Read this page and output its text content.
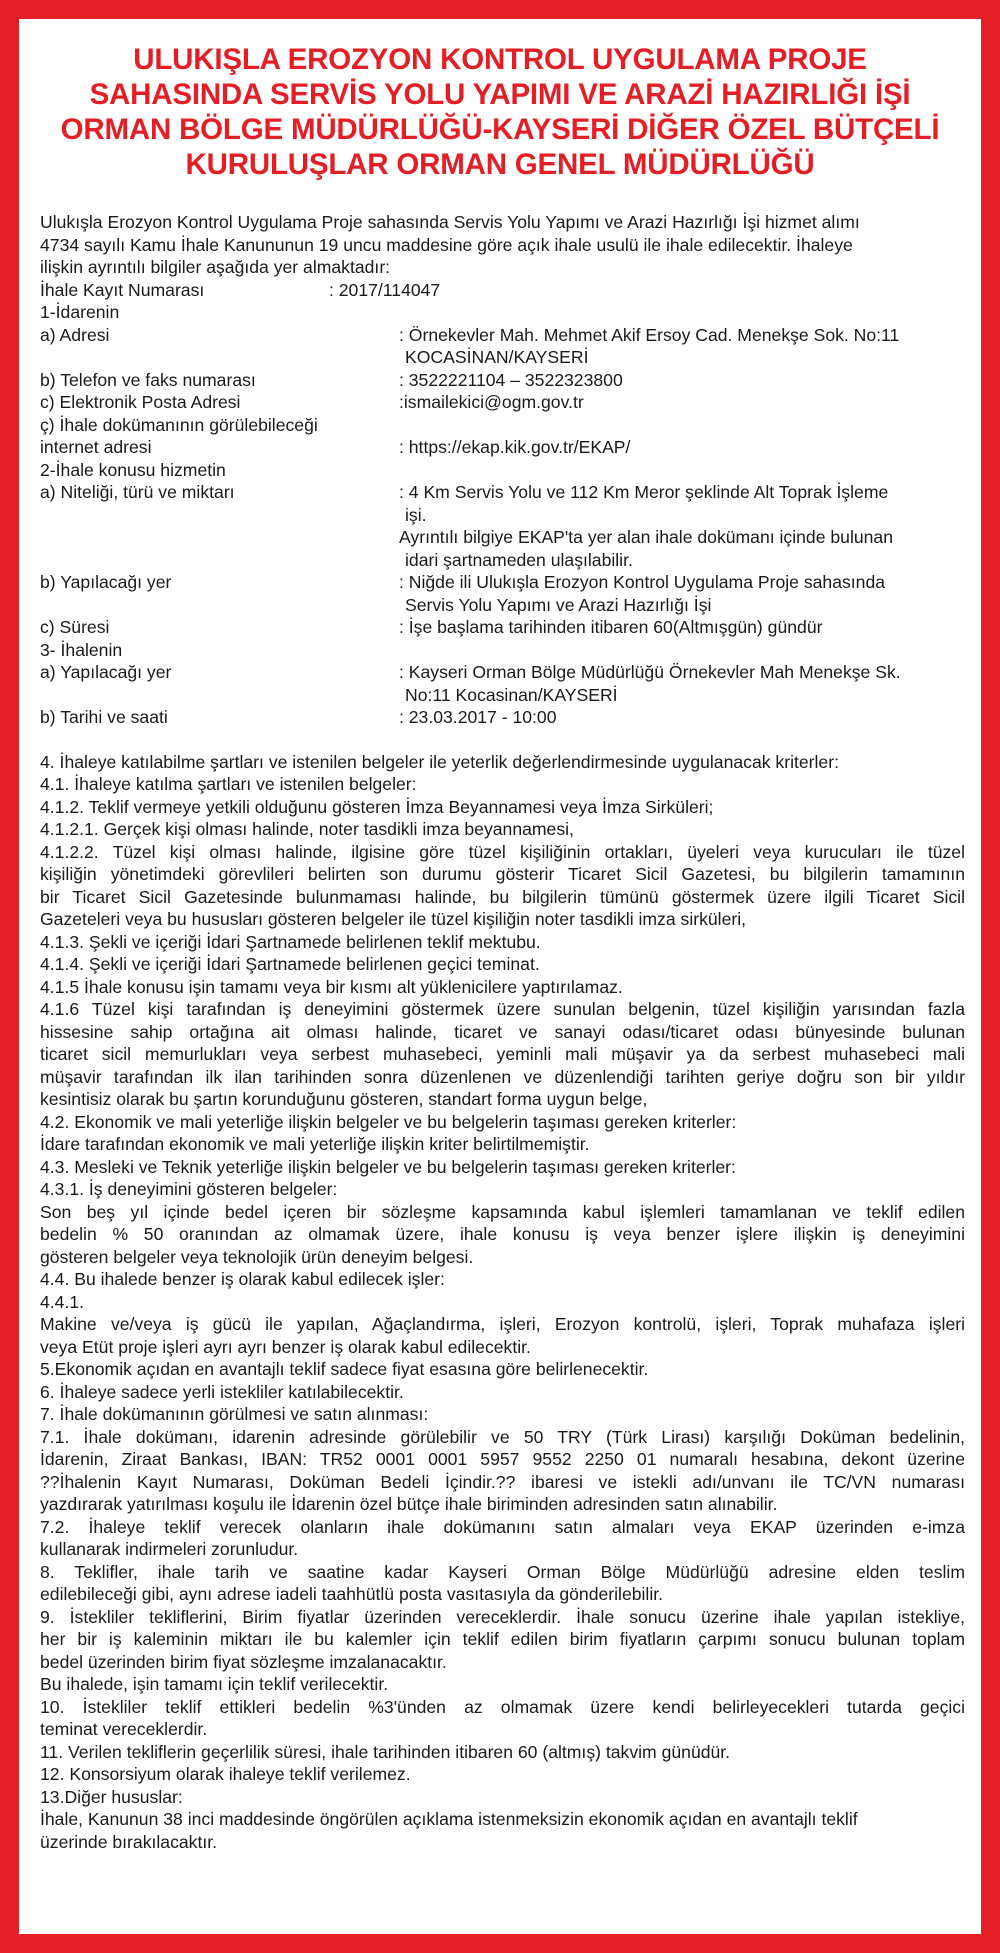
ULUKIŞLA EROZYON KONTROL UYGULAMA PROJE
SAHASINDA SERVİS YOLU YAPIMI VE ARAZİ HAZIRLIĞI İŞİ
ORMAN BÖLGE MÜDÜRLÜĞÜ-KAYSERİ DİĞER ÖZEL BÜTÇELİ
KURULUŞLAR ORMAN GENEL MÜDÜRLÜĞÜ
Ulukışla Erozyon Kontrol Uygulama Proje sahasında Servis Yolu Yapımı ve Arazi Hazırlığı İşi hizmet alımı
4734 sayılı Kamu İhale Kanununun 19 uncu maddesine göre açık ihale usulü ile ihale edilecektir. İhaleye
ilişkin ayrıntılı bilgiler aşağıda yer almaktadır:
İhale Kayıt Numarası	: 2017/114047
1-İdarenin
a) Adresi	: Örnekevler Mah. Mehmet Akif Ersoy Cad. Menekşe Sok. No:11
KOCASİNAN/KAYSERİ
b) Telefon ve faks numarası	: 3522221104 – 3522323800
c) Elektronik Posta Adresi	:ismailekici@ogm.gov.tr
ç) İhale dokümanının görülebileceği
internet adresi	: https://ekap.kik.gov.tr/EKAP/
2-İhale konusu hizmetin
a) Niteliği, türü ve miktarı	: 4 Km Servis Yolu ve 112 Km Meror şeklinde Alt Toprak İşleme
işi.
Ayrıntılı bilgiye EKAP'ta yer alan ihale dokümanı içinde bulunan
idari şartnameden ulaşılabilir.
b) Yapılacağı yer	: Niğde ili Ulukışla Erozyon Kontrol Uygulama Proje sahasında
Servis Yolu Yapımı ve Arazi Hazırlığı İşi
c) Süresi	: İşe başlama tarihinden itibaren 60(Altmışgün) gündür
3- İhalenin
a) Yapılacağı yer	: Kayseri Orman Bölge Müdürlüğü Örnekevler Mah Menekşe Sk.
No:11 Kocasinan/KAYSERİ
b) Tarihi ve saati	: 23.03.2017 - 10:00
4. İhaleye katılabilme şartları ve istenilen belgeler ile yeterlik değerlendirmesinde uygulanacak kriterler:
4.1. İhaleye katılma şartları ve istenilen belgeler:
4.1.2. Teklif vermeye yetkili olduğunu gösteren İmza Beyannamesi veya İmza Sirküleri;
4.1.2.1. Gerçek kişi olması halinde, noter tasdikli imza beyannamesi,
4.1.2.2. Tüzel kişi olması halinde, ilgisine göre tüzel kişiliğinin ortakları, üyeleri veya kurucuları ile tüzel
kişiliğin yönetimdeki görevlileri belirten son durumu gösterir Ticaret Sicil Gazetesi, bu bilgilerin tamamının
bir Ticaret Sicil Gazetesinde bulunmaması halinde, bu bilgilerin tümünü göstermek üzere ilgili Ticaret Sicil
Gazeteleri veya bu hususları gösteren belgeler ile tüzel kişiliğin noter tasdikli imza sirküleri,
4.1.3. Şekli ve içeriği İdari Şartnamede belirlenen teklif mektubu.
4.1.4. Şekli ve içeriği İdari Şartnamede belirlenen geçici teminat.
4.1.5 İhale konusu işin tamamı veya bir kısmı alt yüklenicilere yaptırılamaz.
4.1.6 Tüzel kişi tarafından iş deneyimini göstermek üzere sunulan belgenin, tüzel kişiliğin yarısından fazla
hissesine sahip ortağına ait olması halinde, ticaret ve sanayi odası/ticaret odası bünyesinde bulunan
ticaret sicil memurlukları veya serbest muhasebeci, yeminli mali müşavir ya da serbest muhasebeci mali
müşavir tarafından ilk ilan tarihinden sonra düzenlenen ve düzenlendiği tarihten geriye doğru son bir yıldır
kesintisiz olarak bu şartın korunduğunu gösteren, standart forma uygun belge,
4.2. Ekonomik ve mali yeterliğe ilişkin belgeler ve bu belgelerin taşıması gereken kriterler:
İdare tarafından ekonomik ve mali yeterliğe ilişkin kriter belirtilmemiştir.
4.3. Mesleki ve Teknik yeterliğe ilişkin belgeler ve bu belgelerin taşıması gereken kriterler:
4.3.1. İş deneyimini gösteren belgeler:
Son beş yıl içinde bedel içeren bir sözleşme kapsamında kabul işlemleri tamamlanan ve teklif edilen
bedelin % 50 oranından az olmamak üzere, ihale konusu iş veya benzer işlere ilişkin iş deneyimini
gösteren belgeler veya teknolojik ürün deneyim belgesi.
4.4. Bu ihalede benzer iş olarak kabul edilecek işler:
4.4.1.
Makine ve/veya iş gücü ile yapılan, Ağaçlandırma, işleri, Erozyon kontrolü, işleri, Toprak muhafaza işleri
veya Etüt proje işleri ayrı ayrı benzer iş olarak kabul edilecektir.
5.Ekonomik açıdan en avantajlı teklif sadece fiyat esasına göre belirlenecektir.
6. İhaleye sadece yerli istekliler katılabilecektir.
7. İhale dokümanının görülmesi ve satın alınması:
7.1. İhale dokümanı, idarenin adresinde görülebilir ve 50 TRY (Türk Lirası) karşılığı Doküman bedelinin,
İdarenin, Ziraat Bankası, IBAN: TR52 0001 0001 5957 9552 2250 01 numaralı hesabına, dekont üzerine
??İhalenin Kayıt Numarası, Doküman Bedeli İçindir.?? ibaresi ve istekli adı/unvanı ile TC/VN numarası
yazdırarak yatırılması koşulu ile İdarenin özel bütçe ihale biriminden adresinden satın alınabilir.
7.2. İhaleye teklif verecek olanların ihale dokümanını satın almaları veya EKAP üzerinden e-imza
kullanarak indirmeleri zorunludur.
8. Teklifler, ihale tarih ve saatine kadar Kayseri Orman Bölge Müdürlüğü adresine elden teslim
edilebileceği gibi, aynı adrese iadeli taahhütlü posta vasıtasıyla da gönderilebilir.
9. İstekliler tekliflerini, Birim fiyatlar üzerinden vereceklerdir. İhale sonucu üzerine ihale yapılan istekliye,
her bir iş kaleminin miktarı ile bu kalemler için teklif edilen birim fiyatların çarpımı sonucu bulunan toplam
bedel üzerinden birim fiyat sözleşme imzalanacaktır.
Bu ihalede, işin tamamı için teklif verilecektir.
10. İstekliler teklif ettikleri bedelin %3'ünden az olmamak üzere kendi belirleyecekleri tutarda geçici
teminat vereceklerdir.
11. Verilen tekliflerin geçerlilik süresi, ihale tarihinden itibaren 60 (altmış) takvim günüdür.
12. Konsorsiyum olarak ihaleye teklif verilemez.
13.Diğer hususlar:
İhale, Kanunun 38 inci maddesinde öngörülen açıklama istenmeksizin ekonomik açıdan en avantajlı teklif
üzerinde bırakılacaktır.
